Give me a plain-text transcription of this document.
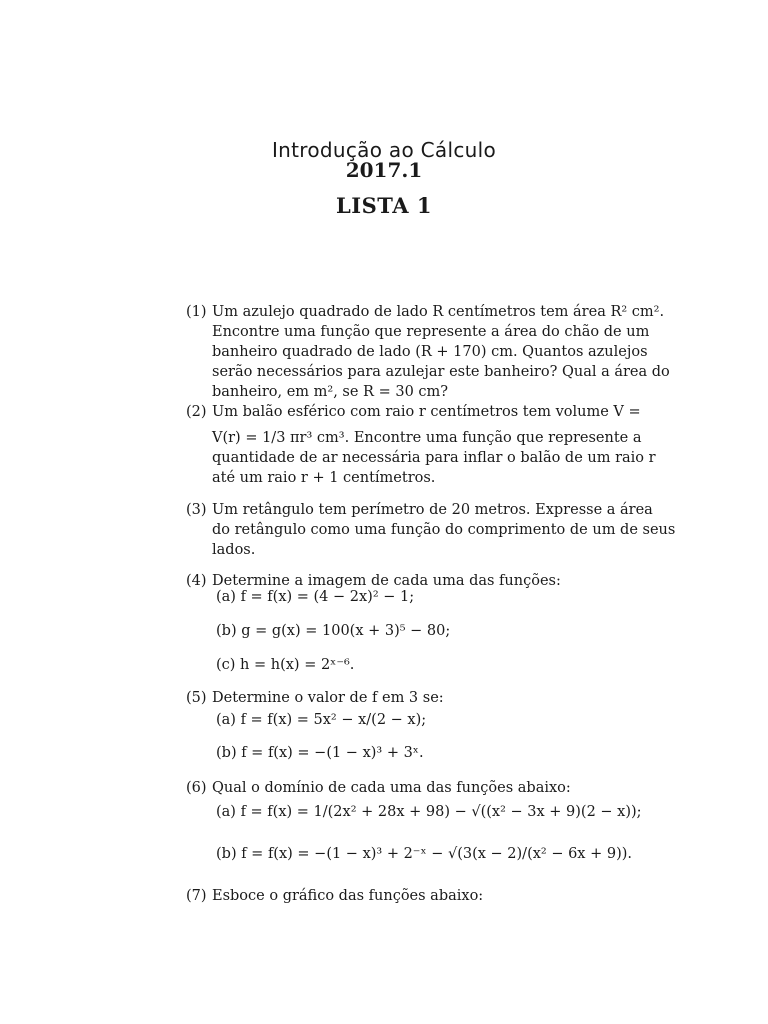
Introdução ao Cálculo
2017.1
LISTA 1
(1) Um azulejo quadrado de lado R centímetros tem área R² cm².
Encontre uma função que represente a área do chão de um
banheiro quadrado de lado (R + 170) cm. Quantos azulejos
serão necessários para azulejar este banheiro? Qual a área do
banheiro, em m², se R = 30 cm?
(2) Um balão esférico com raio r centímetros tem volume V =
V(r) = 1/3 πr³ cm³. Encontre uma função que represente a
quantidade de ar necessária para inflar o balão de um raio r
até um raio r + 1 centímetros.
(3) Um retângulo tem perímetro de 20 metros. Expresse a área
do retângulo como uma função do comprimento de um de seus
lados.
(4) Determine a imagem de cada uma das funções:
(a) f = f(x) = (4 − 2x)² − 1;
(b) g = g(x) = 100(x + 3)⁵ − 80;
(c) h = h(x) = 2ˣ⁻⁶.
(5) Determine o valor de f em 3 se:
(a) f = f(x) = 5x² − x/(2 − x);
(b) f = f(x) = −(1 − x)³ + 3ˣ.
(6) Qual o domínio de cada uma das funções abaixo:
(a) f = f(x) = 1/(2x² + 28x + 98) − √((x² − 3x + 9)(2 − x));
(b) f = f(x) = −(1 − x)³ + 2⁻ˣ − √(3(x − 2)/(x² − 6x + 9)).
(7) Esboce o gráfico das funções abaixo:
